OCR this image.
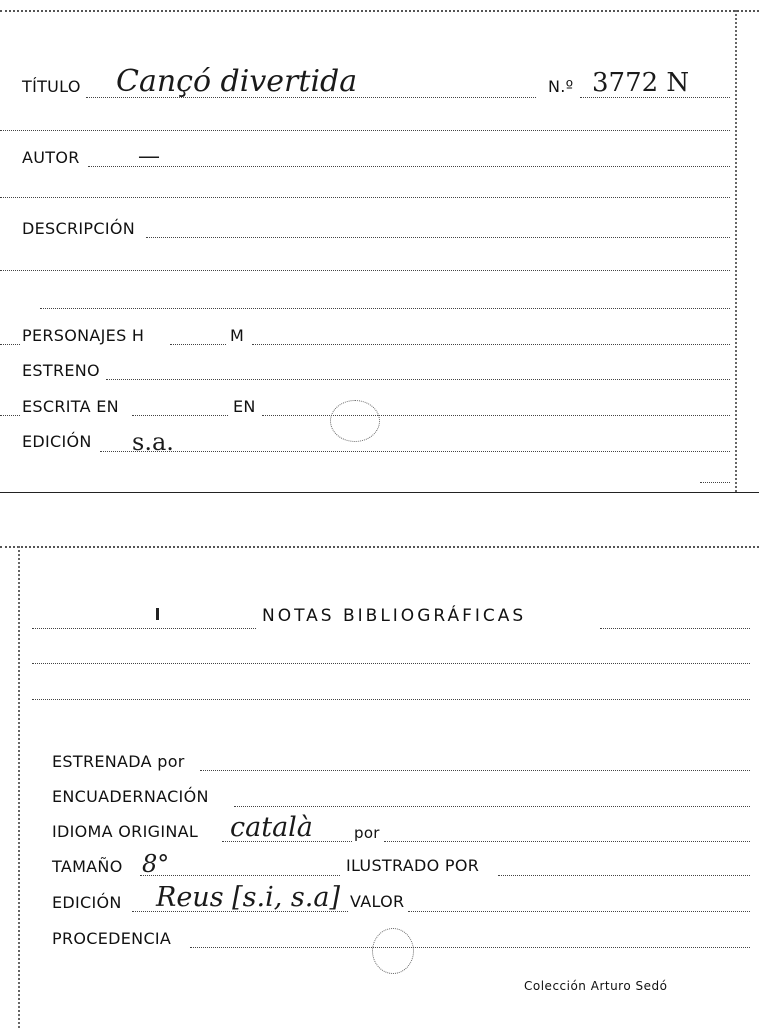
TÍTULO Cançó divertida	N.º 3772 N
AUTOR	—
DESCRIPCIÓN
PERSONAJES H	M
ESTRENO
ESCRITA EN	EN
EDICIÓN s.a.
NOTAS BIBLIOGRÁFICAS
ESTRENADA por
ENCUADERNACIÓN
IDIOMA ORIGINAL català	por
TAMAÑO 8°	ILUSTRADO POR
EDICIÓN Reus [s.i, s.a] VALOR
PROCEDENCIA
Colección Arturo Sedó
